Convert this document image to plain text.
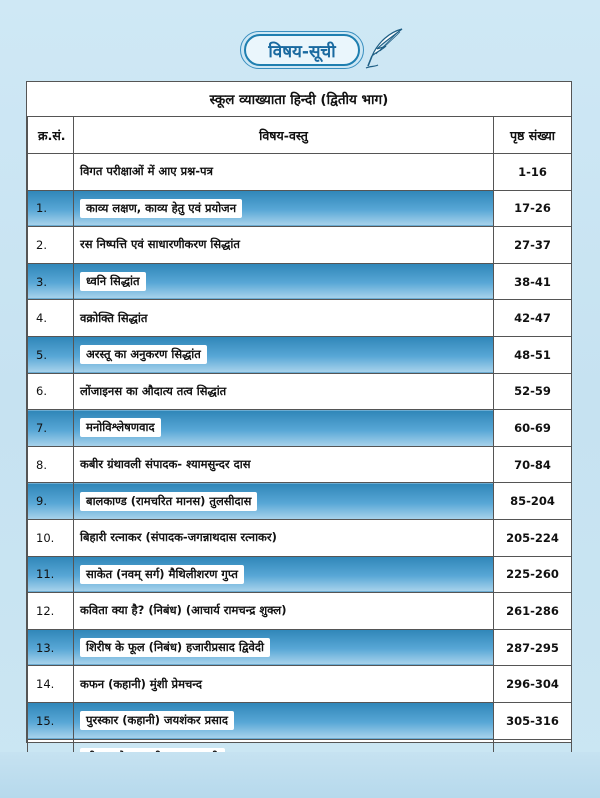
विषय-सूची
स्कूल व्याख्याता हिन्दी (द्वितीय भाग)
क्र.सं.	विषय-वस्तु	पृष्ठ संख्या
	विगत परीक्षाओं में आए प्रश्न-पत्र	1-16
1.	काव्य लक्षण, काव्य हेतु एवं प्रयोजन	17-26
2.	रस निष्पत्ति एवं साधारणीकरण सिद्धांत	27-37
3.	ध्वनि सिद्धांत	38-41
4.	वक्रोक्ति सिद्धांत	42-47
5.	अरस्तू का अनुकरण सिद्धांत	48-51
6.	लोंजाइनस का औदात्य तत्व सिद्धांत	52-59
7.	मनोविश्लेषणवाद	60-69
8.	कबीर ग्रंथावली संपादक- श्यामसुन्दर दास	70-84
9.	बालकाण्ड (रामचरित मानस) तुलसीदास	85-204
10.	बिहारी रत्नाकर (संपादक-जगन्नाथदास रत्नाकर)	205-224
11.	साकेत (नवम् सर्ग) मैथिलीशरण गुप्त	225-260
12.	कविता क्या है? (निबंध) (आचार्य रामचन्द्र शुक्ल)	261-286
13.	शिरीष के फूल (निबंध) हजारीप्रसाद द्विवेदी	287-295
14.	कफन (कहानी) मुंशी प्रेमचन्द	296-304
15.	पुरस्कार (कहानी) जयशंकर प्रसाद	305-316
